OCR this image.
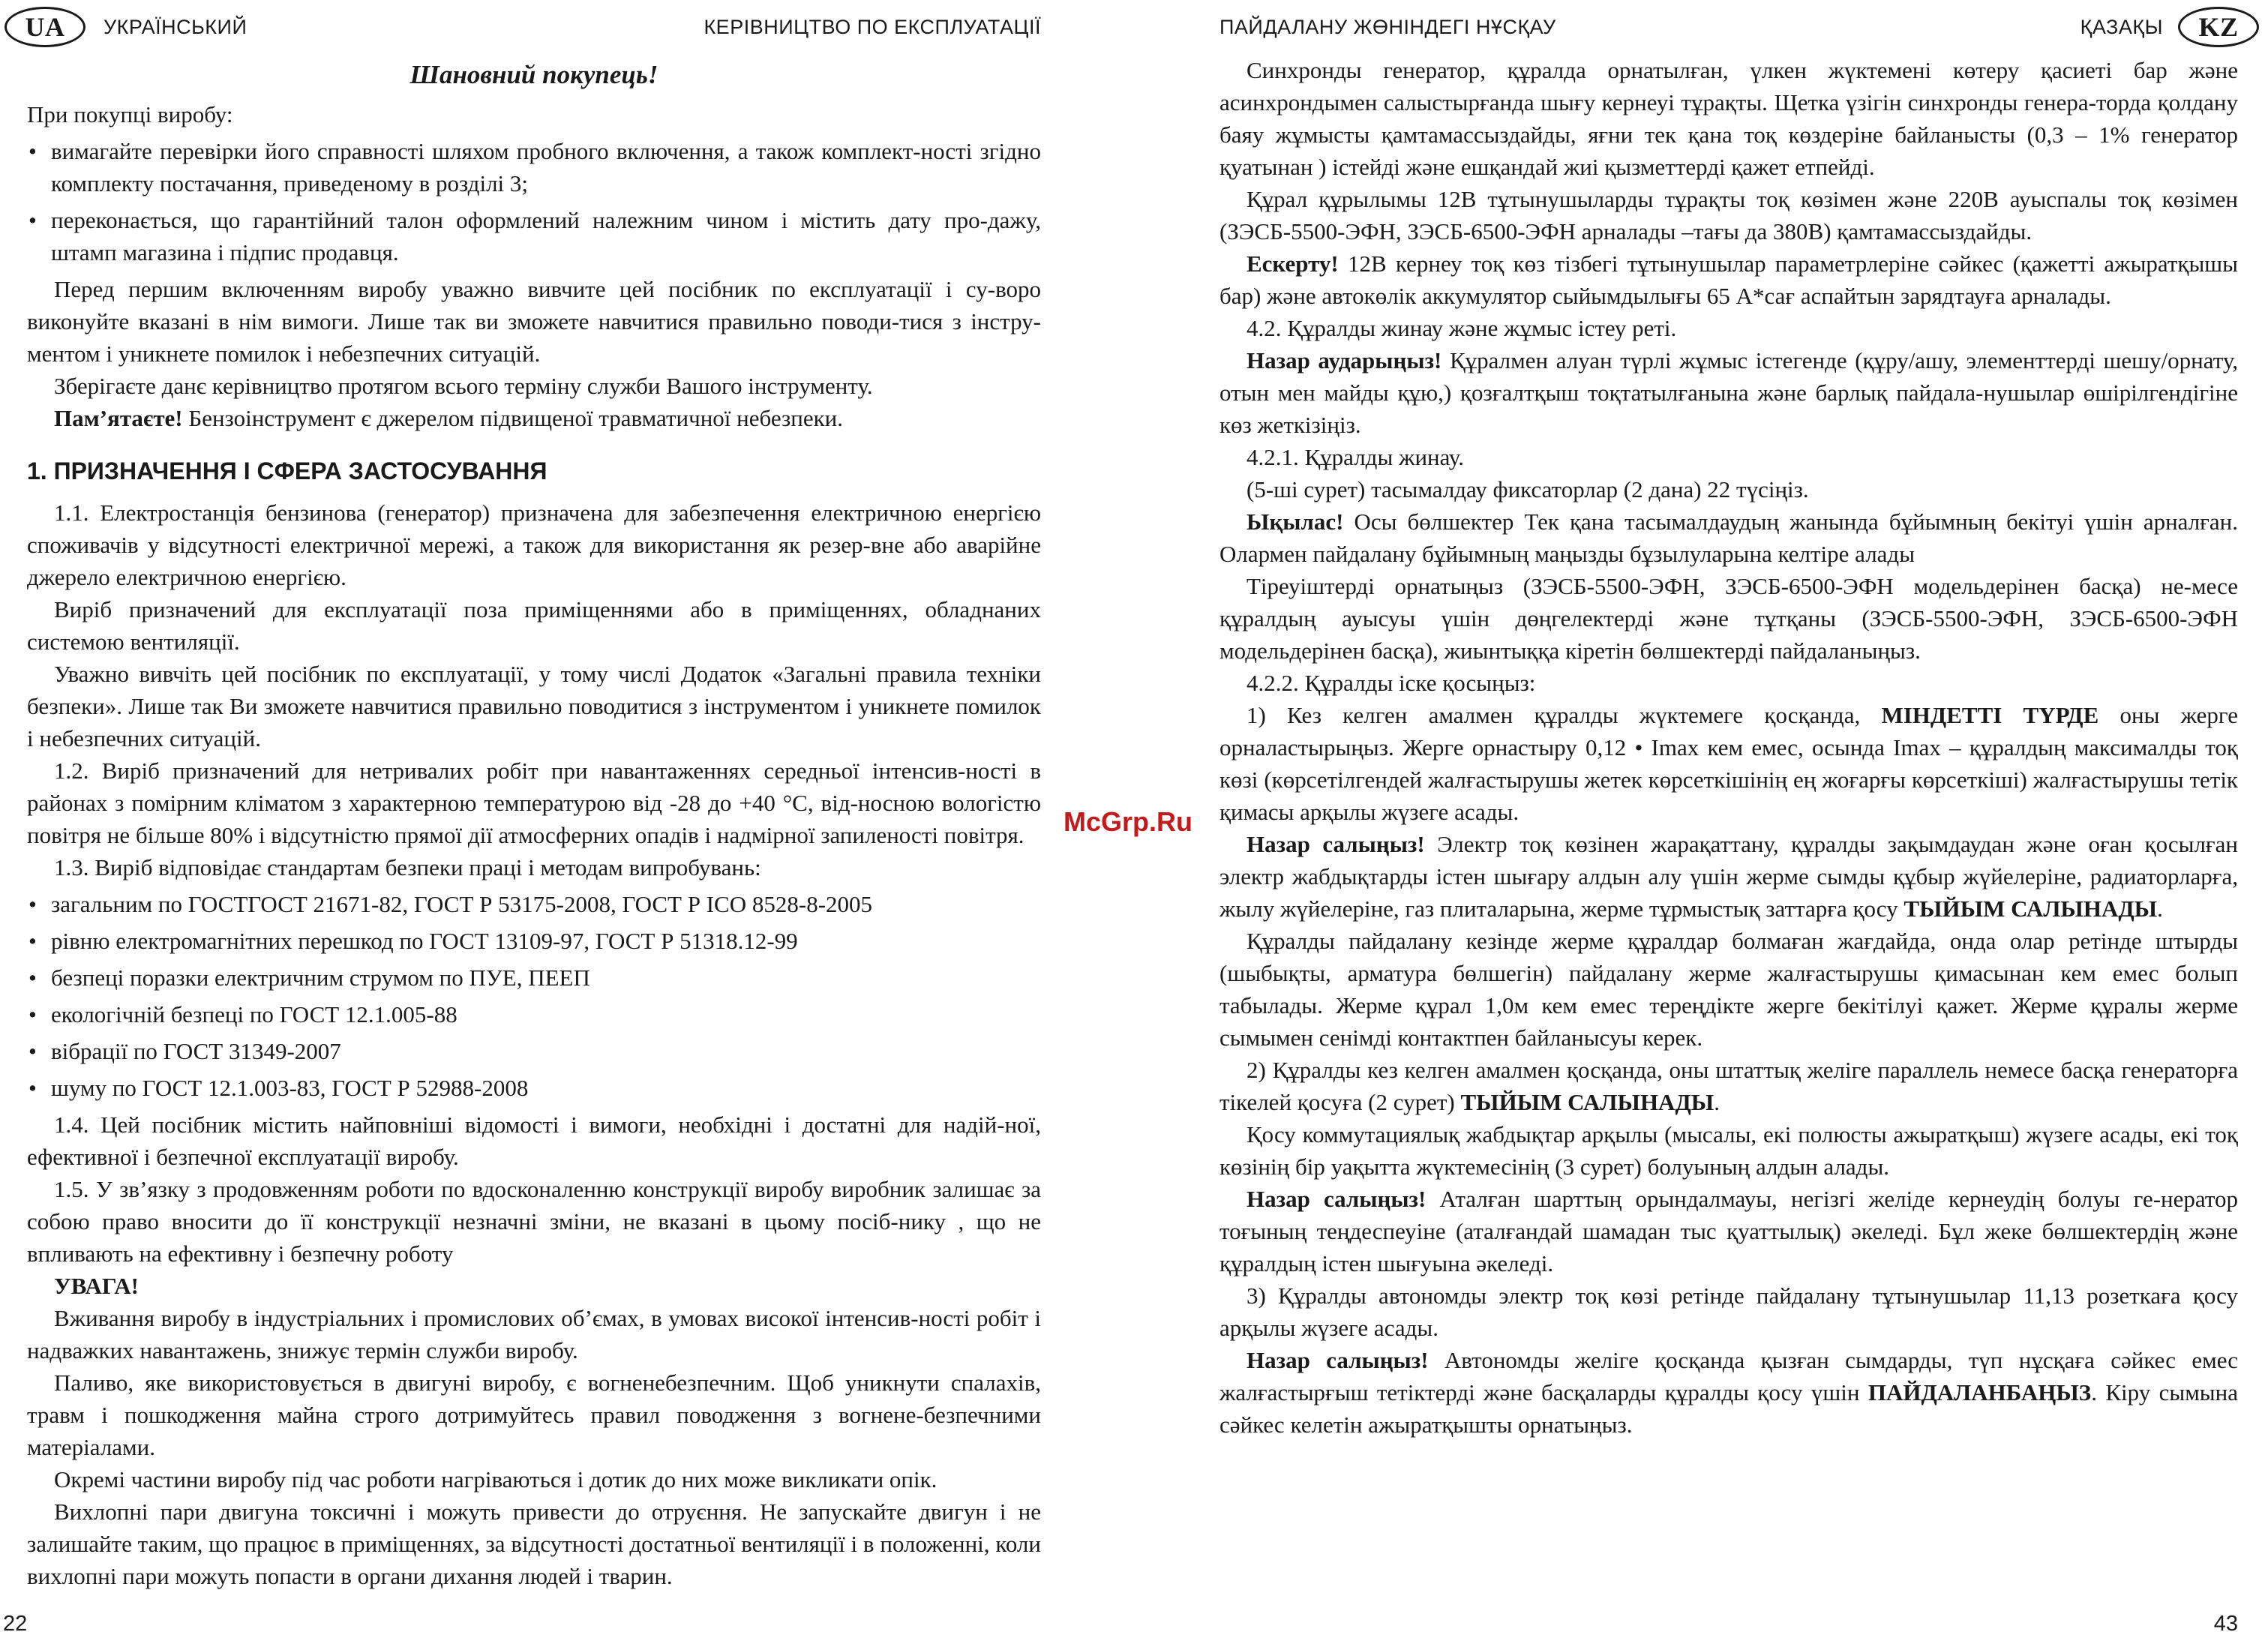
UA	УКРАЇНСЬКИЙ	КЕРІВНИЦТВО ПО ЕКСПЛУАТАЦІЇ

Шановний покупець!

При покупці виробу:

• вимагайте перевірки його справності шляхом пробного включення, а також комплект-ності згідно комплекту постачання, приведеному в розділі 3;

• переконається, що гарантійний талон оформлений належним чином і містить дату про-дажу, штамп магазина і підпис продавця.

Перед першим включенням виробу уважно вивчите цей посібник по експлуатації і су-воро виконуйте вказані в нім вимоги. Лише так ви зможете навчитися правильно поводи-тися з інстру-ментом і уникнете помилок і небезпечних ситуацій.

Зберігаєте данє керівництво протягом всього терміну служби Вашого інструменту.

Пам’ятаєте! Бензоінструмент є джерелом підвищеної травматичної небезпеки.

1. ПРИЗНАЧЕННЯ І СФЕРА ЗАСТОСУВАННЯ

1.1. Електростанція бензинова (генератор) призначена для забезпечення електричною енергією споживачів у відсутності електричної мережі, а також для використання як резер-вне або аварійне джерело електричною енергією.

Виріб призначений для експлуатації поза приміщеннями або в приміщеннях, обладнаних системою вентиляції.

Уважно вивчіть цей посібник по експлуатації, у тому числі Додаток «Загальні правила техніки безпеки». Лише так Ви зможете навчитися правильно поводитися з інструментом і уникнете помилок і небезпечних ситуацій.

1.2. Виріб призначений для нетривалих робіт при навантаженнях середньої інтенсив-ності в районах з помірним кліматом з характерною температурою від -28 до +40 °С, від-носною вологістю повітря не більше 80% і відсутністю прямої дії атмосферних опадів і надмірної запиленості повітря.

1.3. Виріб відповідає стандартам безпеки праці і методам випробувань:

• загальним по ГОСТГОСТ 21671-82, ГОСТ Р 53175-2008, ГОСТ Р ІСО 8528-8-2005

• рівню електромагнітних перешкод по ГОСТ 13109-97, ГОСТ Р 51318.12-99

• безпеці поразки електричним струмом по ПУЕ, ПЕЕП

• екологічній безпеці по ГОСТ 12.1.005-88

• вібрації по ГОСТ 31349-2007

• шуму по ГОСТ 12.1.003-83, ГОСТ Р 52988-2008

1.4. Цей посібник містить найповніші відомості і вимоги, необхідні і достатні для надій-ної, ефективної і безпечної експлуатації виробу.

1.5. У зв’язку з продовженням роботи по вдосконаленню конструкції виробу виробник залишає за собою право вносити до її конструкції незначні зміни, не вказані в цьому посіб-нику , що не впливають на ефективну і безпечну роботу

УВАГА!

Вживання виробу в індустріальних і промислових об’ємах, в умовах високої інтенсив-ності робіт і надважких навантажень, знижує термін служби виробу.

Паливо, яке використовується в двигуні виробу, є вогненебезпечним. Щоб уникнути спалахів, травм і пошкодження майна строго дотримуйтесь правил поводження з вогнене-безпечними матеріалами.

Окремі частини виробу під час роботи нагріваються і дотик до них може викликати опік.

Вихлопні пари двигуна токсичні і можуть привести до отруєння. Не запускайте двигун і не залишайте таким, що працює в приміщеннях, за відсутності достатньої вентиляції і в положенні, коли вихлопні пари можуть попасти в органи дихання людей і тварин.

22
McGrp.Ru
ПАЙДАЛАНУ ЖӨНІНДЕГІ НҰСҚАУ	ҚАЗАҚЫ	KZ

Синхронды генератор, құралда орнатылған, үлкен жүктемені көтеру қасиеті бар және асинхрондымен салыстырғанда шығу кернеуі тұрақты. Щетка үзігін синхронды генера-торда қолдану баяу жұмысты қамтамассыздайды, яғни тек қана тоқ көздеріне байланысты (0,3 – 1% генератор қуатынан ) істейді және ешқандай жиі қызметтерді қажет етпейді.

Құрал құрылымы 12В тұтынушыларды тұрақты тоқ көзімен және 220В ауыспалы тоқ көзімен (ЗЭСБ-5500-ЭФН, ЗЭСБ-6500-ЭФН арналады –тағы да 380В) қамтамассыздайды.

Ескерту! 12В кернеу тоқ көз тізбегі тұтынушылар параметрлеріне сәйкес (қажетті ажыратқышы бар) және автокөлік аккумулятор сыйымдылығы 65 А*сағ аспайтын зарядтауға арналады.

4.2. Құралды жинау және жұмыс істеу реті.

Назар аударыңыз! Құралмен алуан түрлі жұмыс істегенде (құру/ашу, элементтерді шешу/орнату, отын мен майды құю,) қозғалтқыш тоқтатылғанына және барлық пайдала-нушылар өшірілгендігіне көз жеткізіңіз.

4.2.1. Құралды жинау.

(5-ші сурет) тасымалдау фиксаторлар (2 дана) 22 түсіңіз.

Ықылас! Осы бөлшектер Тек қана тасымалдаудың жанында бұйымның бекітуі үшін арналған. Олармен пайдалану бұйымның маңызды бұзылуларына келтіре алады

Тіреуіштерді орнатыңыз (ЗЭСБ-5500-ЭФН, ЗЭСБ-6500-ЭФН модельдерінен басқа) не-месе құралдың ауысуы үшін дөңгелектерді және тұтқаны (ЗЭСБ-5500-ЭФН, ЗЭСБ-6500-ЭФН модельдерінен басқа), жиынтыққа кіретін бөлшектерді пайдаланыңыз.

4.2.2. Құралды іске қосыңыз:

1) Кез келген амалмен құралды жүктемеге қосқанда, МІНДЕТТІ ТҮРДЕ оны жерге орналастырыңыз. Жерге орнастыру 0,12 • Imax кем емес, осында Imax – құралдың максималды тоқ көзі (көрсетілгендей жалғастырушы жетек көрсеткішінің ең жоғарғы көрсеткіші) жалғастырушы тетік қимасы арқылы жүзеге асады.

Назар салыңыз! Электр тоқ көзінен жарақаттану, құралды зақымдаудан және оған қосылған электр жабдықтарды істен шығару алдын алу үшін жерме сымды құбыр жүйелеріне, радиаторларға, жылу жүйелеріне, газ плиталарына, жерме тұрмыстық заттарға қосу ТЫЙЫМ САЛЫНАДЫ.

Құралды пайдалану кезінде жерме құралдар болмаған жағдайда, онда олар ретінде штырды (шыбықты, арматура бөлшегін) пайдалану жерме жалғастырушы қимасынан кем емес болып табылады. Жерме құрал 1,0м кем емес тереңдікте жерге бекітілуі қажет. Жерме құралы жерме сымымен сенімді контактпен байланысуы керек.

2) Құралды кез келген амалмен қосқанда, оны штаттық желіге параллель немесе басқа генераторға тікелей қосуға (2 сурет) ТЫЙЫМ САЛЫНАДЫ.

Қосу коммутациялық жабдықтар арқылы (мысалы, екі полюсты ажыратқыш) жүзеге асады, екі тоқ көзінің бір уақытта жүктемесінің (3 сурет) болуының алдын алады.

Назар салыңыз! Аталған шарттың орындалмауы, негізгі желіде кернеудің болуы ге-нератор тоғының теңдеспеуіне (аталғандай шамадан тыс қуаттылық) әкеледі. Бұл жеке бөлшектердің және құралдың істен шығуына әкеледі.

3) Құралды автономды электр тоқ көзі ретінде пайдалану тұтынушылар 11,13 розеткаға қосу арқылы жүзеге асады.

Назар салыңыз! Автономды желіге қосқанда қызған сымдарды, түп нұсқаға сәйкес емес жалғастырғыш тетіктерді және басқаларды құралды қосу үшін ПАЙДАЛАНБАҢЫЗ. Кіру сымына сәйкес келетін ажыратқышты орнатыңыз.

43
